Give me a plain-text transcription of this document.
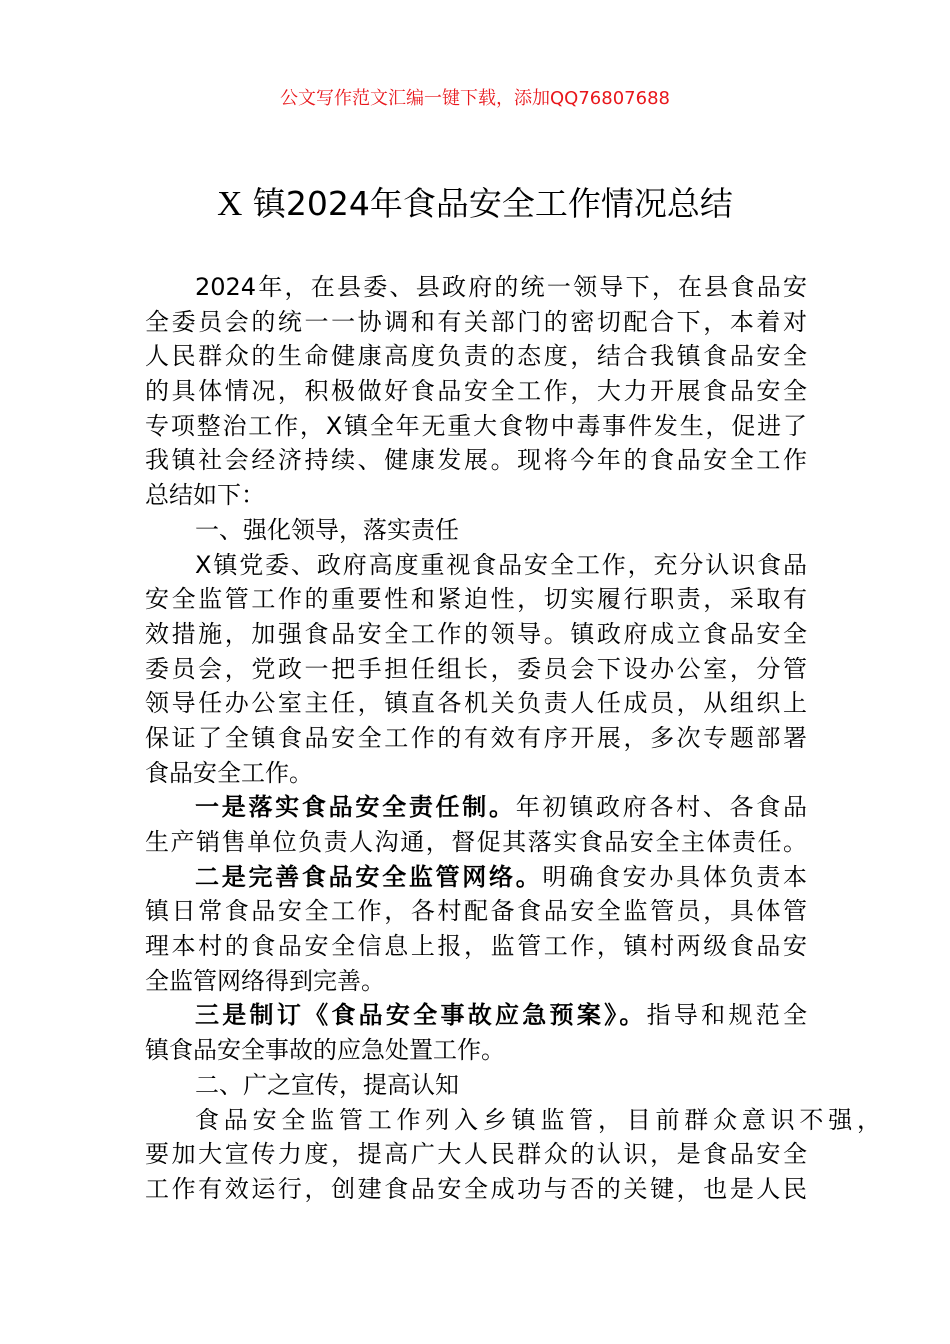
公文写作范文汇编一键下载，添加QQ76807688
X 镇2024年食品安全工作情况总结
2024年，在县委、县政府的统一领导下，在县食品安
全委员会的统一一协调和有关部门的密切配合下，本着对
人民群众的生命健康高度负责的态度，结合我镇食品安全
的具体情况，积极做好食品安全工作，大力开展食品安全
专项整治工作，X镇全年无重大食物中毒事件发生，促进了
我镇社会经济持续、健康发展。现将今年的食品安全工作
总结如下：
一、强化领导，落实责任
X镇党委、政府高度重视食品安全工作，充分认识食品
安全监管工作的重要性和紧迫性，切实履行职责，采取有
效措施，加强食品安全工作的领导。镇政府成立食品安全
委员会，党政一把手担任组长，委员会下设办公室，分管
领导任办公室主任，镇直各机关负责人任成员，从组织上
保证了全镇食品安全工作的有效有序开展，多次专题部署
食品安全工作。
一是落实食品安全责任制。年初镇政府各村、各食品
生产销售单位负责人沟通，督促其落实食品安全主体责任。
二是完善食品安全监管网络。明确食安办具体负责本
镇日常食品安全工作，各村配备食品安全监管员，具体管
理本村的食品安全信息上报，监管工作，镇村两级食品安
全监管网络得到完善。
三是制订《食品安全事故应急预案》。指导和规范全
镇食品安全事故的应急处置工作。
二、广之宣传，提高认知
食品安全监管工作列入乡镇监管，目前群众意识不强，
要加大宣传力度，提高广大人民群众的认识，是食品安全
工作有效运行，创建食品安全成功与否的关键，也是人民
